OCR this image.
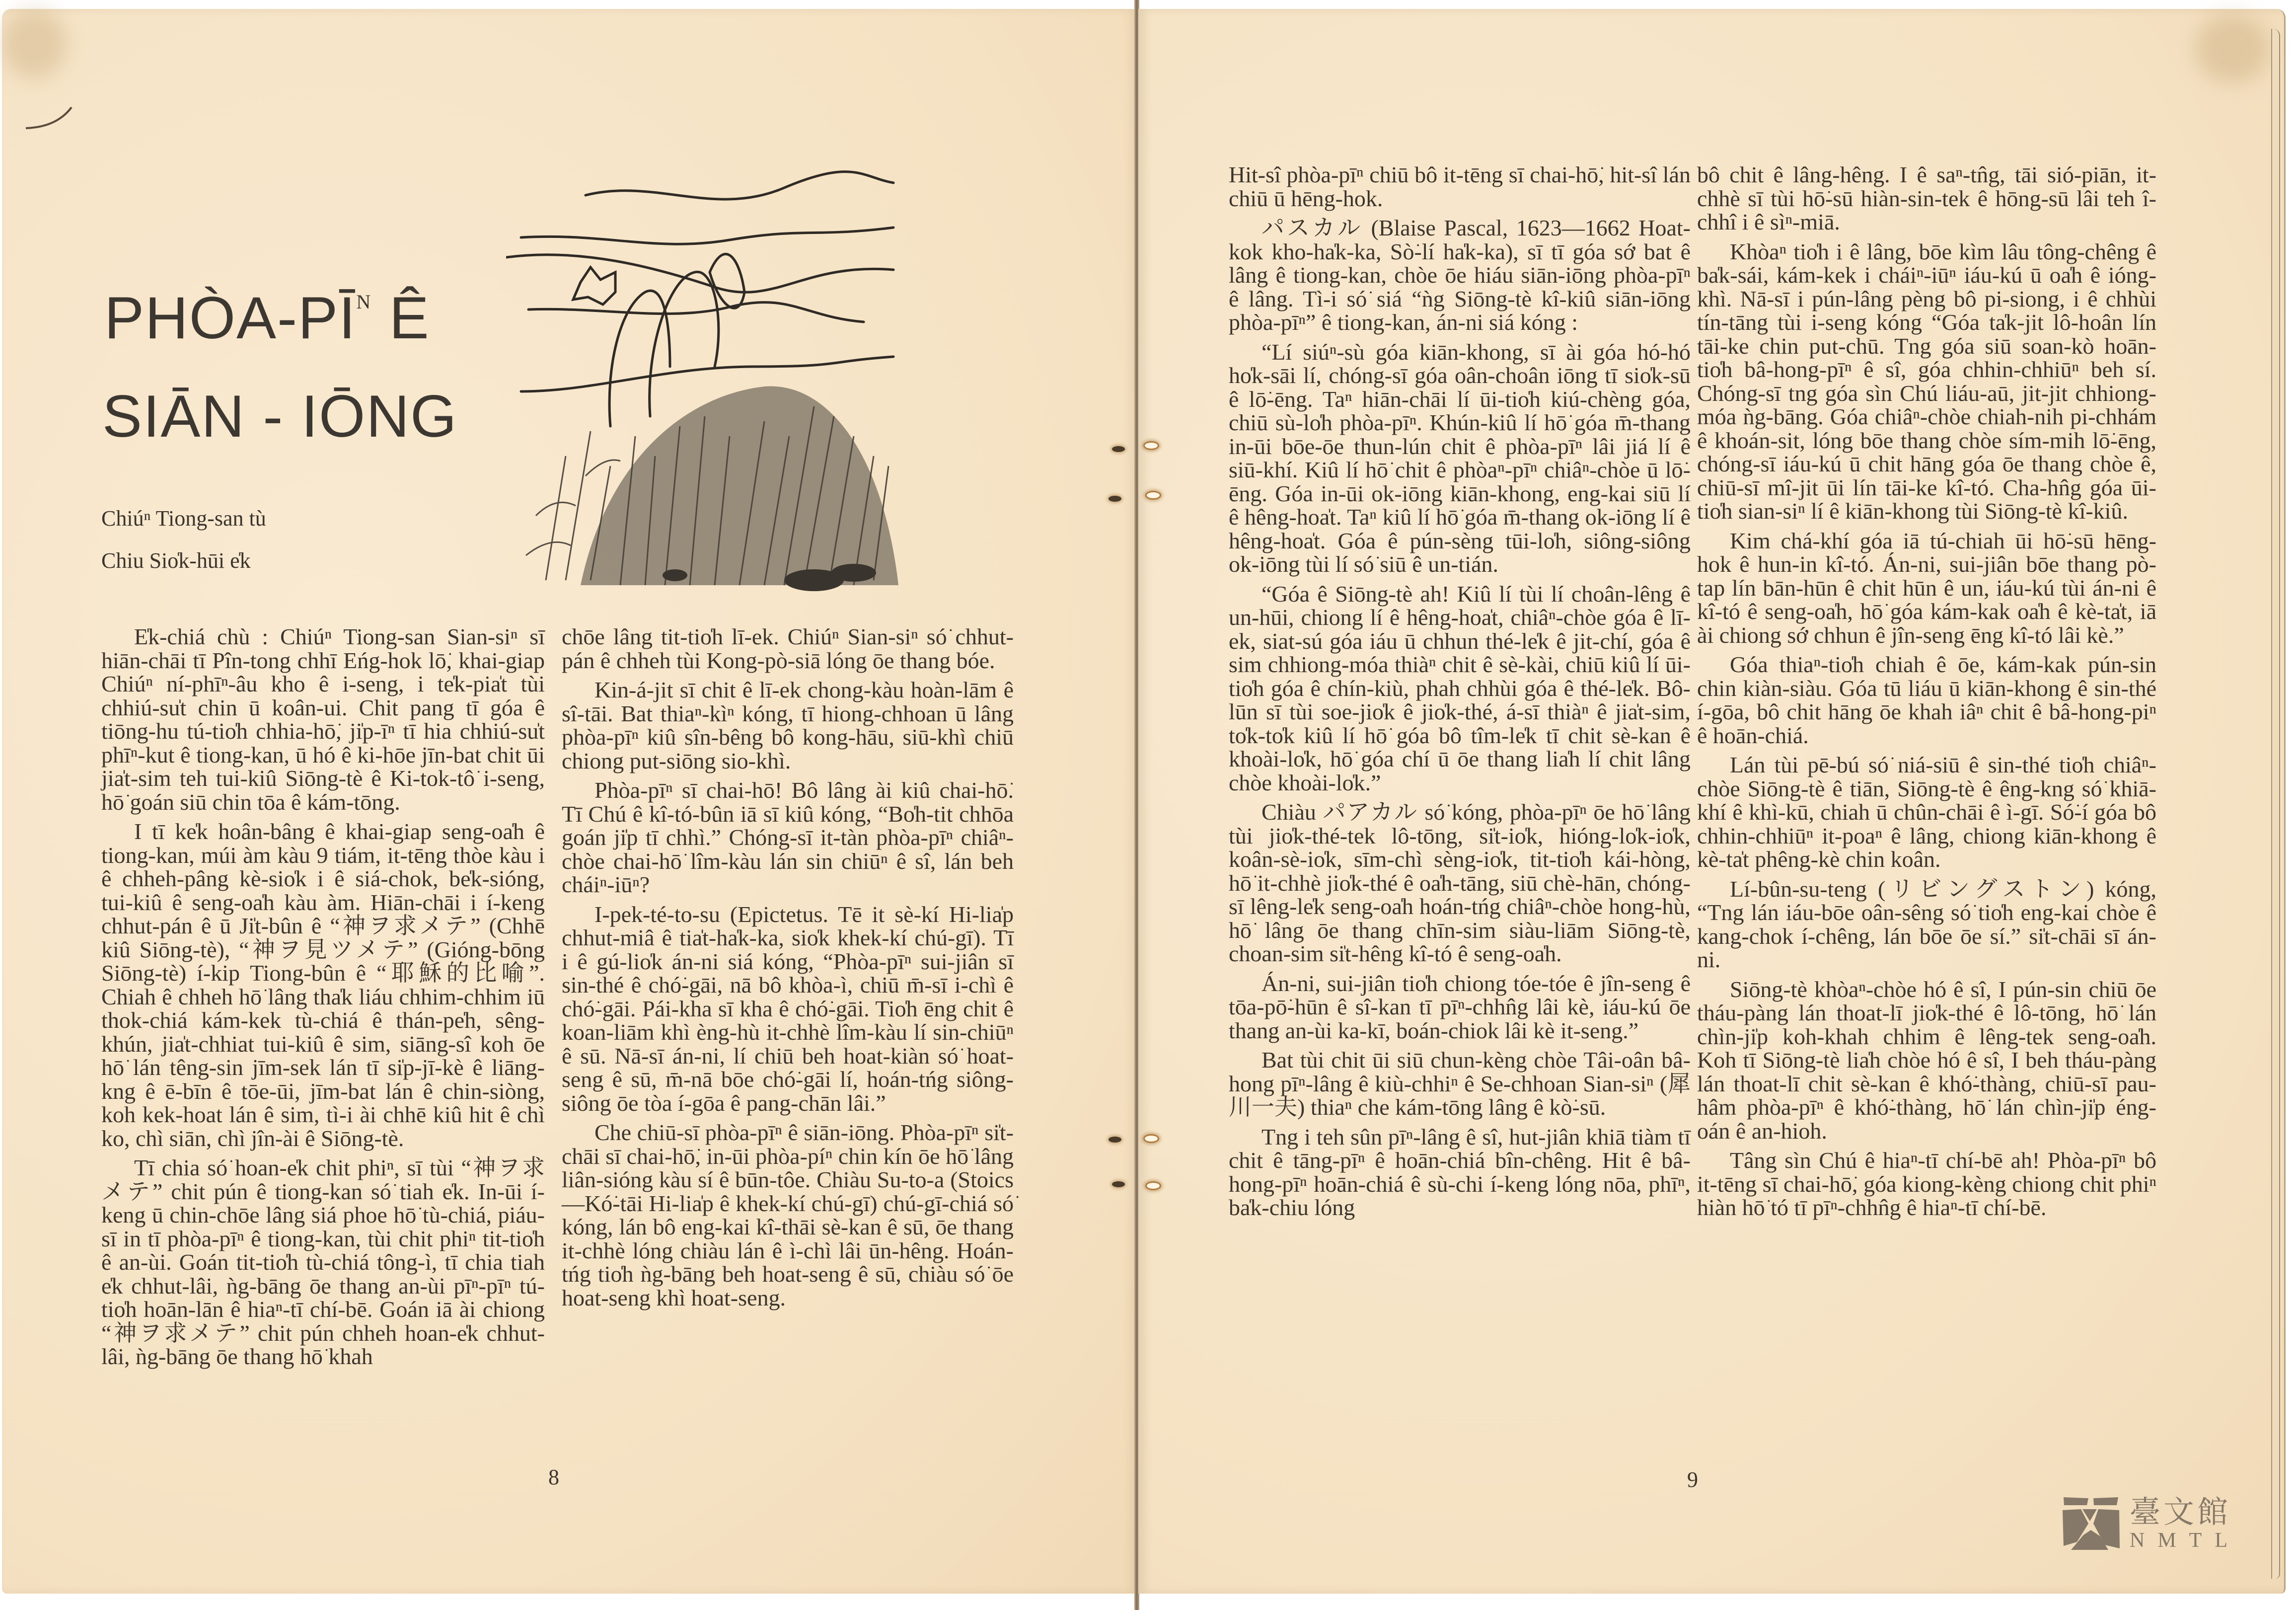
PHÒA-$PĪ^N$ Ê
SIĀN - IŌNG
Chiúⁿ Tiong-san tù
Chiu Sio̍k-hūi e̍k

E̍k-chiá chù : Chiúⁿ Tiong-san Sian-siⁿ sī hiān-chāi tī Pîn-tong chhī Eńg-hok lō͘, khai-giap Chiúⁿ ní-phīⁿ-âu kho ê i-seng, i te̍k-pia̍t tùi chhiú-su̍t chin ū koân-ui. Chit pang tī góa ê tiōng-hu tú-tio̍h chhia-hō͘, ji̍p-īⁿ tī hia chhiú-su̍t phīⁿ-kut ê tiong-kan, ū hó ê ki-hōe jīn-bat chit ūi jia̍t-sim teh tui-kiû Siōng-tè ê Ki-tok-tô͘ i-seng, hō͘ goán siū chin tōa ê kám-tōng.

I tī ke̍k hoân-bâng ê khai-giap seng-oa̍h ê tiong-kan, múi àm kàu 9 tiám, it-tēng thòe kàu i ê chheh-pâng kè-sio̍k i ê siá-chok, be̍k-sióng, tui-kiû ê seng-oa̍h kàu àm. Hiān-chāi i í-keng chhut-pán ê ū Ji̍t-bûn ê “神ヲ求メテ” (Chhē kiû Siōng-tè), “神ヲ見ツメテ” (Gióng-bōng Siōng-tè) í-kip Tiong-bûn ê “耶穌的比喻”. Chiah ê chheh hō͘ lâng tha̍k liáu chhim-chhim iū thok-chiá kám-kek tù-chiá ê thán-pe̍h, sêng-khún, jia̍t-chhiat tui-kiû ê sim, siāng-sî koh ōe hō͘ lán têng-sin jīm-sek lán tī si̍p-jī-kè ê liāng-kng ê ē-bīn ê tōe-ūi, jīm-bat lán ê chin-siòng, koh kek-hoat lán ê sim, tì-i ài chhē kiû hit ê chì ko, chì siān, chì jîn-ài ê Siōng-tè.

Tī chia só͘ hoan-e̍k chit phiⁿ, sī tùi “神ヲ求メテ” chit pún ê tiong-kan só͘ tiah e̍k. In-ūi í-keng ū chin-chōe lâng siá phoe hō͘ tù-chiá, piáu-sī in tī phòa-pīⁿ ê tiong-kan, tùi chit phiⁿ tit-tio̍h ê an-ùi. Goán tit-tio̍h tù-chiá tông-ì, tī chia tiah e̍k chhut-lâi, ǹg-bāng ōe thang an-ùi pīⁿ-pīⁿ tú-tio̍h hoān-lān ê hiaⁿ-tī chí-bē. Goán iā ài chiong “神ヲ求メテ” chit pún chheh hoan-e̍k chhut-lâi, ǹg-bāng ōe thang hō͘ khah

chōe lâng tit-tio̍h lī-ek. Chiúⁿ Sian-siⁿ só͘ chhut-pán ê chheh tùi Kong-pò-siā lóng ōe thang bóe.

Kin-á-jit sī chit ê lī-ek chong-kàu hoàn-lām ê sî-tāi. Bat thiaⁿ-kìⁿ kóng, tī hiong-chhoan ū lâng phòa-pīⁿ kiû sîn-bêng bô kong-hāu, siū-khì chiū chiong put-siōng sio-khì.

Phòa-pīⁿ sī chai-hō͘! Bô lâng ài kiû chai-hō͘. Tī Chú ê kî-tó-bûn iā sī kiû kóng, “Bo̍h-tit chhōa goán ji̍p tī chhì.” Chóng-sī it-tàn phòa-pīⁿ chiâⁿ-chòe chai-hō͘ lîm-kàu lán sin chiūⁿ ê sî, lán beh cháiⁿ-iūⁿ?

I-pek-té-to-su (Epictetus. Tē it sè-kí Hi-lia̍p chhut-miâ ê tia̍t-ha̍k-ka, sio̍k khek-kí chú-gī). Tī i ê gú-lio̍k án-ni siá kóng, “Phòa-pīⁿ sui-jiân sī sin-thé ê chó͘-gāi, nā bô khòa-ì, chiū m̄-sī i-chì ê chó͘-gāi. Pái-kha sī kha ê chó͘-gāi. Tio̍h ēng chit ê koan-liām khì èng-hù it-chhè lîm-kàu lí sin-chiūⁿ ê sū. Nā-sī án-ni, lí chiū beh hoat-kiàn só͘ hoat-seng ê sū, m̄-nā bōe chó͘-gāi lí, hoán-tńg siông-siông ōe tòa í-gōa ê pang-chān lâi.”

Che chiū-sī phòa-pīⁿ ê siān-iōng. Phòa-pīⁿ si̍t-chāi sī chai-hō͘, in-ūi phòa-píⁿ chin kín ōe hō͘ lâng liân-sióng kàu sí ê būn-tôe. Chiàu Su-to-a (Stoics—Kó͘-tāi Hi-lia̍p ê khek-kí chú-gī) chú-gī-chiá só͘ kóng, lán bô eng-kai kî-thāi sè-kan ê sū, ōe thang it-chhè lóng chiàu lán ê ì-chì lâi ūn-hêng. Hoán-tńg tio̍h ǹg-bāng beh hoat-seng ê sū, chiàu só͘ ōe hoat-seng khì hoat-seng.

8

Hit-sî phòa-pīⁿ chiū bô it-tēng sī chai-hō͘, hit-sî lán chiū ū hēng-hok.

パスカル (Blaise Pascal, 1623—1662 Hoat-kok kho-ha̍k-ka, Sò͘-lí ha̍k-ka), sī tī góa sớ bat ê lâng ê tiong-kan, chòe ōe hiáu siān-iōng phòa-pīⁿ ê lâng. Tì-i só͘ siá “ǹg Siōng-tè kî-kiû siān-iōng phòa-pīⁿ” ê tiong-kan, án-ni siá kóng :

“Lí siúⁿ-sù góa kiān-khong, sī ài góa hó-hó ho̍k-sāi lí, chóng-sī góa oân-choân iōng tī sio̍k-sū ê lō͘-ēng. Taⁿ hiān-chāi lí ūi-tio̍h kiú-chèng góa, chiū sù-lo̍h phòa-pīⁿ. Khún-kiû lí hō͘ góa m̄-thang in-ūi bōe-ōe thun-lún chit ê phòa-pīⁿ lâi jiá lí ê siū-khí. Kiû lí hō͘ chit ê phòaⁿ-pīⁿ chiâⁿ-chòe ū lō͘-ēng. Góa in-ūi ok-iōng kiān-khong, eng-kai siū lí ê hêng-hoa̍t. Taⁿ kiû lí hō͘ góa m̄-thang ok-iōng lí ê hêng-hoa̍t. Góa ê pún-sèng tūi-lo̍h, siông-siông ok-iōng tùi lí só͘ siū ê un-tián.

“Góa ê Siōng-tè ah! Kiû lí tùi lí choân-lêng ê un-hūi, chiong lí ê hêng-hoa̍t, chiâⁿ-chòe góa ê lī-ek, siat-sú góa iáu ū chhun thé-le̍k ê jit-chí, góa ê sim chhiong-móa thiàⁿ chit ê sè-kài, chiū kiû lí ūi-tio̍h góa ê chín-kiù, phah chhùi góa ê thé-le̍k. Bô-lūn sī tùi soe-jio̍k ê jio̍k-thé, á-sī thiàⁿ ê jia̍t-sim, to̍k-to̍k kiû lí hō͘ góa bô tîm-le̍k tī chit sè-kan ê khoài-lo̍k, hō͘ góa chí ū ōe thang lia̍h lí chit lâng chòe khoài-lo̍k.”

Chiàu パアカル só͘ kóng, phòa-pīⁿ ōe hō͘ lâng tùi jio̍k-thé-tek lô-tōng, si̍t-io̍k, hióng-lo̍k-io̍k, koân-sè-io̍k, sīm-chì sèng-io̍k, tit-tio̍h kái-hòng, hō͘ it-chhè jio̍k-thé ê oa̍h-tāng, siū chè-hān, chóng-sī lêng-le̍k seng-oa̍h hoán-tńg chiâⁿ-chòe hong-hù, hō͘ lâng ōe thang chīn-sim siàu-liām Siōng-tè, choan-sim si̍t-hêng kî-tó ê seng-oa̍h.

Án-ni, sui-jiân tio̍h chiong tóe-tóe ê jîn-seng ê tōa-pō͘-hūn ê sî-kan tī pīⁿ-chhn̂g lâi kè, iáu-kú ōe thang an-ùi ka-kī, boán-chiok lâi kè it-seng.”

Bat tùi chit ūi siū chun-kèng chòe Tâi-oân bâ-hong pīⁿ-lâng ê kiù-chhiⁿ ê Se-chhoan Sian-siⁿ (犀川一夫) thiaⁿ che kám-tōng lâng ê kò͘-sū.

Tng i teh sûn pīⁿ-lâng ê sî, hut-jiân khiā tiàm tī chit ê tāng-pīⁿ ê hoān-chiá bîn-chêng. Hit ê bâ-hong-pīⁿ hoān-chiá ê sù-chi í-keng lóng nōa, phīⁿ, ba̍k-chiu lóng

bô chit ê lâng-hêng. I ê saⁿ-tn̂g, tāi sió-piān, it-chhè sī tùi hō͘-sū hiàn-sin-tek ê hōng-sū lâi teh î-chhî i ê sìⁿ-miā.

Khòaⁿ tio̍h i ê lâng, bōe kìm lâu tông-chêng ê ba̍k-sái, kám-kek i cháiⁿ-iūⁿ iáu-kú ū oa̍h ê ióng-khì. Nā-sī i pún-lâng pèng bô pi-siong, i ê chhùi tín-tāng tùi i-seng kóng “Góa ta̍k-jit lô-hoân lín tāi-ke chin put-chū. Tng góa siū soan-kò hoān-tio̍h bâ-hong-pīⁿ ê sî, góa chhin-chhiūⁿ beh sí. Chóng-sī tng góa sìn Chú liáu-aū, jit-jit chhiong-móa ǹg-bāng. Góa chiâⁿ-chòe chiah-nih pi-chhám ê khoán-sit, lóng bōe thang chòe sím-mih lō͘-ēng, chóng-sī iáu-kú ū chit hāng góa ōe thang chòe ê, chiū-sī mî-jit ūi lín tāi-ke kî-tó. Cha-hn̂g góa ūi-tio̍h sian-siⁿ lí ê kiān-khong tùi Siōng-tè kî-kiû.

Kim chá-khí góa iā tú-chiah ūi hō͘-sū hēng-hok ê hun-in kî-tó. Án-ni, sui-jiân bōe thang pò-tap lín bān-hūn ê chit hūn ê un, iáu-kú tùi án-ni ê kî-tó ê seng-oa̍h, hō͘ góa kám-kak oa̍h ê kè-ta̍t, iā ài chiong sớ chhun ê jîn-seng ēng kî-tó lâi kè.”

Góa thiaⁿ-tio̍h chiah ê ōe, kám-kak pún-sin chin kiàn-siàu. Góa tū liáu ū kiān-khong ê sin-thé í-gōa, bô chit hāng ōe khah iâⁿ chit ê bâ-hong-piⁿ ê hoān-chiá.

Lán tùi pē-bú só͘ niá-siū ê sin-thé tio̍h chiâⁿ-chòe Siōng-tè ê tiān, Siōng-tè ê êng-kng só͘ khiā-khí ê khì-kū, chiah ū chûn-chāi ê ì-gī. Só͘-í góa bô chhin-chhiūⁿ it-poaⁿ ê lâng, chiong kiān-khong ê kè-ta̍t phêng-kè chin koân.

Lí-bûn-su-teng (リビングストン) kóng, “Tng lán iáu-bōe oân-sêng só͘ tio̍h eng-kai chòe ê kang-chok í-chêng, lán bōe ōe sí.” si̍t-chāi sī án-ni.

Siōng-tè khòaⁿ-chòe hó ê sî, I pún-sin chiū ōe tháu-pàng lán thoat-lī jio̍k-thé ê lô-tōng, hō͘ lán chìn-ji̍p koh-khah chhim ê lêng-tek seng-oa̍h. Koh tī Siōng-tè lia̍h chòe hó ê sî, I beh tháu-pàng lán thoat-lī chit sè-kan ê khó͘-thàng, chiū-sī pau-hâm phòa-pīⁿ ê khó͘-thàng, hō͘ lán chìn-ji̍p éng-oán ê an-hioh.

Tâng sìn Chú ê hiaⁿ-tī chí-bē ah! Phòa-pīⁿ bô it-tēng sī chai-hō͘, góa kiong-kèng chiong chit phiⁿ hiàn hō͘ tó tī pīⁿ-chhn̂g ê hiaⁿ-tī chí-bē.

9
臺文館
NMTL
